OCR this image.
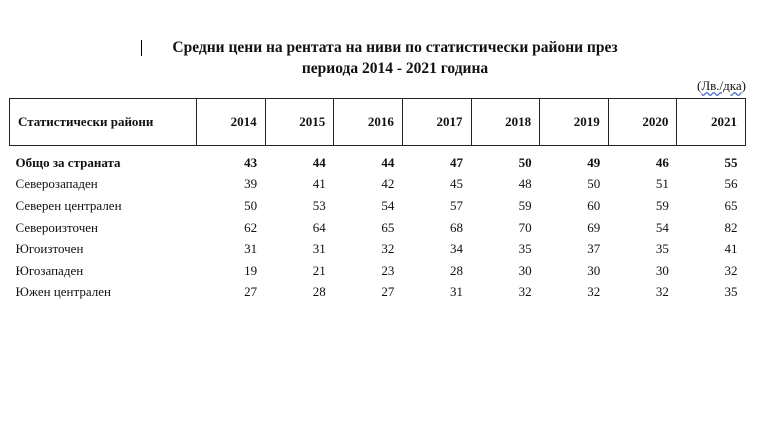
Средни цени на рентата на ниви по статистически райони през
периода 2014 - 2021 година
(Лв./дка)
Статистически райони	2014	2015	2016	2017	2018	2019	2020	2021
Общо за страната	43	44	44	47	50	49	46	55
Северозападен	39	41	42	45	48	50	51	56
Северен централен	50	53	54	57	59	60	59	65
Североизточен	62	64	65	68	70	69	54	82
Югоизточен	31	31	32	34	35	37	35	41
Югозападен	19	21	23	28	30	30	30	32
Южен централен	27	28	27	31	32	32	32	35
